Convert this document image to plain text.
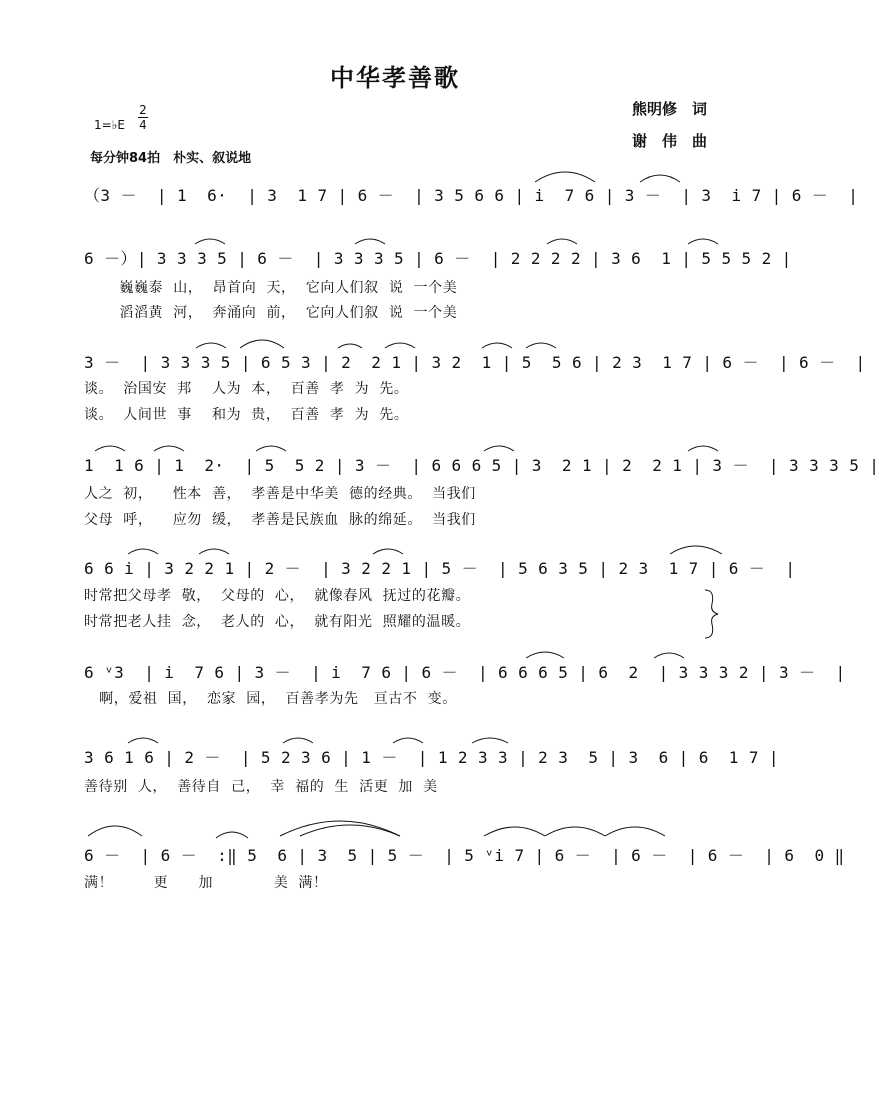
中华孝善歌
1=♭E
2
4
每分钟84拍　朴实、叙说地
熊明修　词
谢　伟　曲
（3 －  | 1  6·  | 3  1 7 | 6 －  | 3 5 6 6 | i  7 6 | 3 －  | 3  i 7 | 6 －  |
6 －）| 3 3 3 5 | 6 －  | 3 3 3 5 | 6 －  | 2 2 2 2 | 3 6  1 | 5 5 5 2 |
巍巍泰  山，  昂首向  天，  它向人们叙  说  一个美
滔滔黄  河，  奔涌向  前，  它向人们叙  说  一个美
3 －  | 3 3 3 5 | 6 5 3 | 2  2 1 | 3 2  1 | 5  5 6 | 2 3  1 7 | 6 －  | 6 －  |
谈。  治国安  邦    人为  本，  百善  孝  为  先。
谈。  人间世  事    和为  贵，  百善  孝  为  先。
1  1 6 | 1  2·  | 5  5 2 | 3 －  | 6 6 6 5 | 3  2 1 | 2  2 1 | 3 －  | 3 3 3 5 |
人之  初，    性本  善，  孝善是中华美  德的经典。  当我们
父母  呼，    应勿  缓，  孝善是民族血  脉的绵延。  当我们
6 6 i | 3 2 2 1 | 2 －  | 3 2 2 1 | 5 －  | 5 6 3 5 | 2 3  1 7 | 6 －  |
时常把父母孝  敬，  父母的  心，  就像春风  抚过的花瓣。
时常把老人挂  念，  老人的  心，  就有阳光  照耀的温暖。
6 ᵛ3  | i  7 6 | 3 －  | i  7 6 | 6 －  | 6 6 6 5 | 6  2  | 3 3 3 2 | 3 －  |
啊，爱祖  国，  恋家  园，  百善孝为先   亘古不  变。
3 6 1 6 | 2 －  | 5 2 3 6 | 1 －  | 1 2 3 3 | 2 3  5 | 3  6 | 6  1 7 |
善待别  人，  善待自  己，  幸  福的  生  活更  加  美
6 －  | 6 －  :‖ 5  6 | 3  5 | 5 －  | 5 ᵛi 7 | 6 －  | 6 －  | 6 －  | 6  0 ‖
满！        更      加            美  满！
